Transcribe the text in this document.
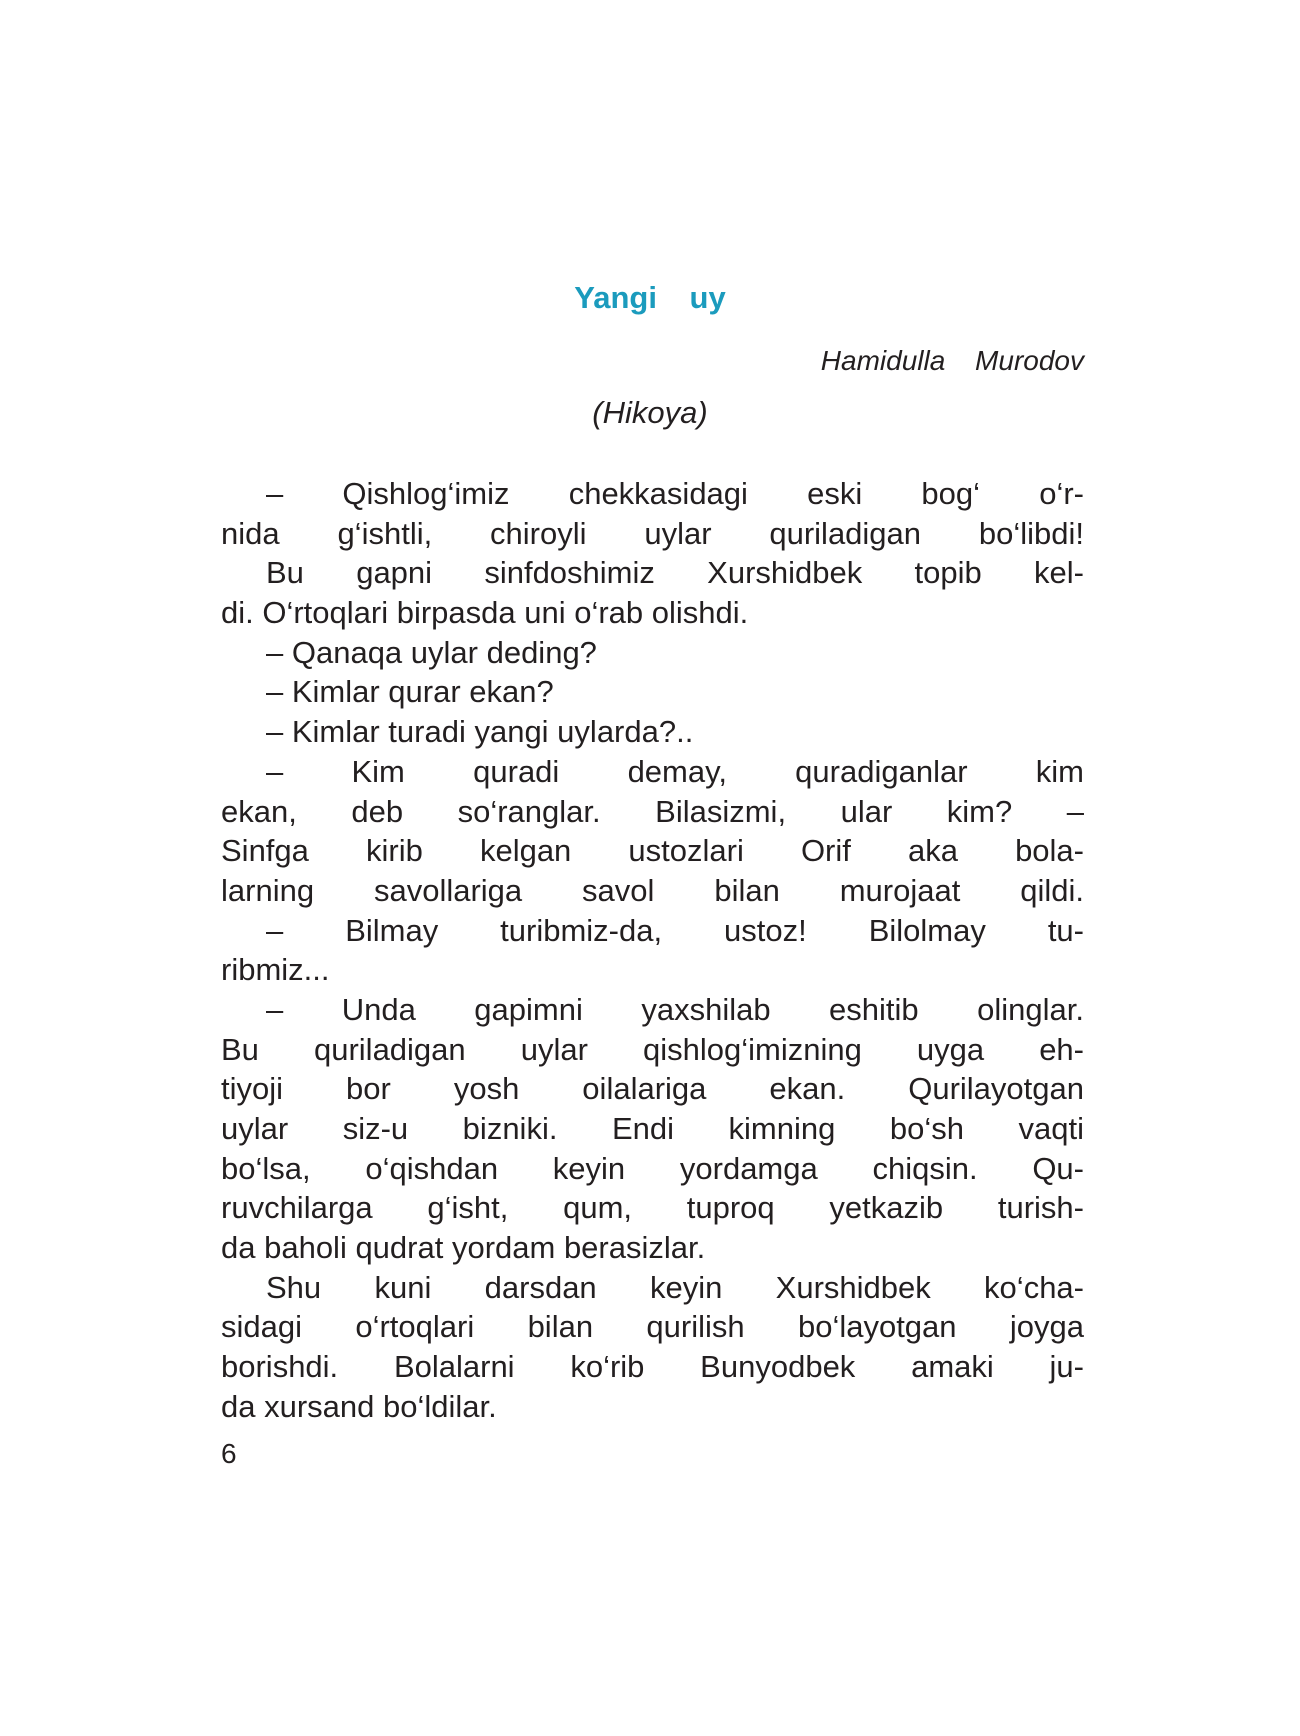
Yangi uy

Hamidulla Murodov

(Hikoya)

– Qishlog‘imiz chekkasidagi eski bog‘ o‘r-
nida g‘ishtli, chiroyli uylar quriladigan bo‘libdi!
Bu gapni sinfdoshimiz Xurshidbek topib kel-
di. O‘rtoqlari birpasda uni o‘rab olishdi.
– Qanaqa uylar deding?
– Kimlar qurar ekan?
– Kimlar turadi yangi uylarda?..
– Kim quradi demay, quradiganlar kim
ekan, deb so‘ranglar. Bilasizmi, ular kim? –
Sinfga kirib kelgan ustozlari Orif aka bola-
larning savollariga savol bilan murojaat qildi.
– Bilmay turibmiz-da, ustoz! Bilolmay tu-
ribmiz...
– Unda gapimni yaxshilab eshitib olinglar.
Bu quriladigan uylar qishlog‘imizning uyga eh-
tiyoji bor yosh oilalariga ekan. Qurilayotgan
uylar siz-u bizniki. Endi kimning bo‘sh vaqti
bo‘lsa, o‘qishdan keyin yordamga chiqsin. Qu-
ruvchilarga g‘isht, qum, tuproq yetkazib turish-
da baholi qudrat yordam berasizlar.
Shu kuni darsdan keyin Xurshidbek ko‘cha-
sidagi o‘rtoqlari bilan qurilish bo‘layotgan joyga
borishdi. Bolalarni ko‘rib Bunyodbek amaki ju-
da xursand bo‘ldilar.

6
